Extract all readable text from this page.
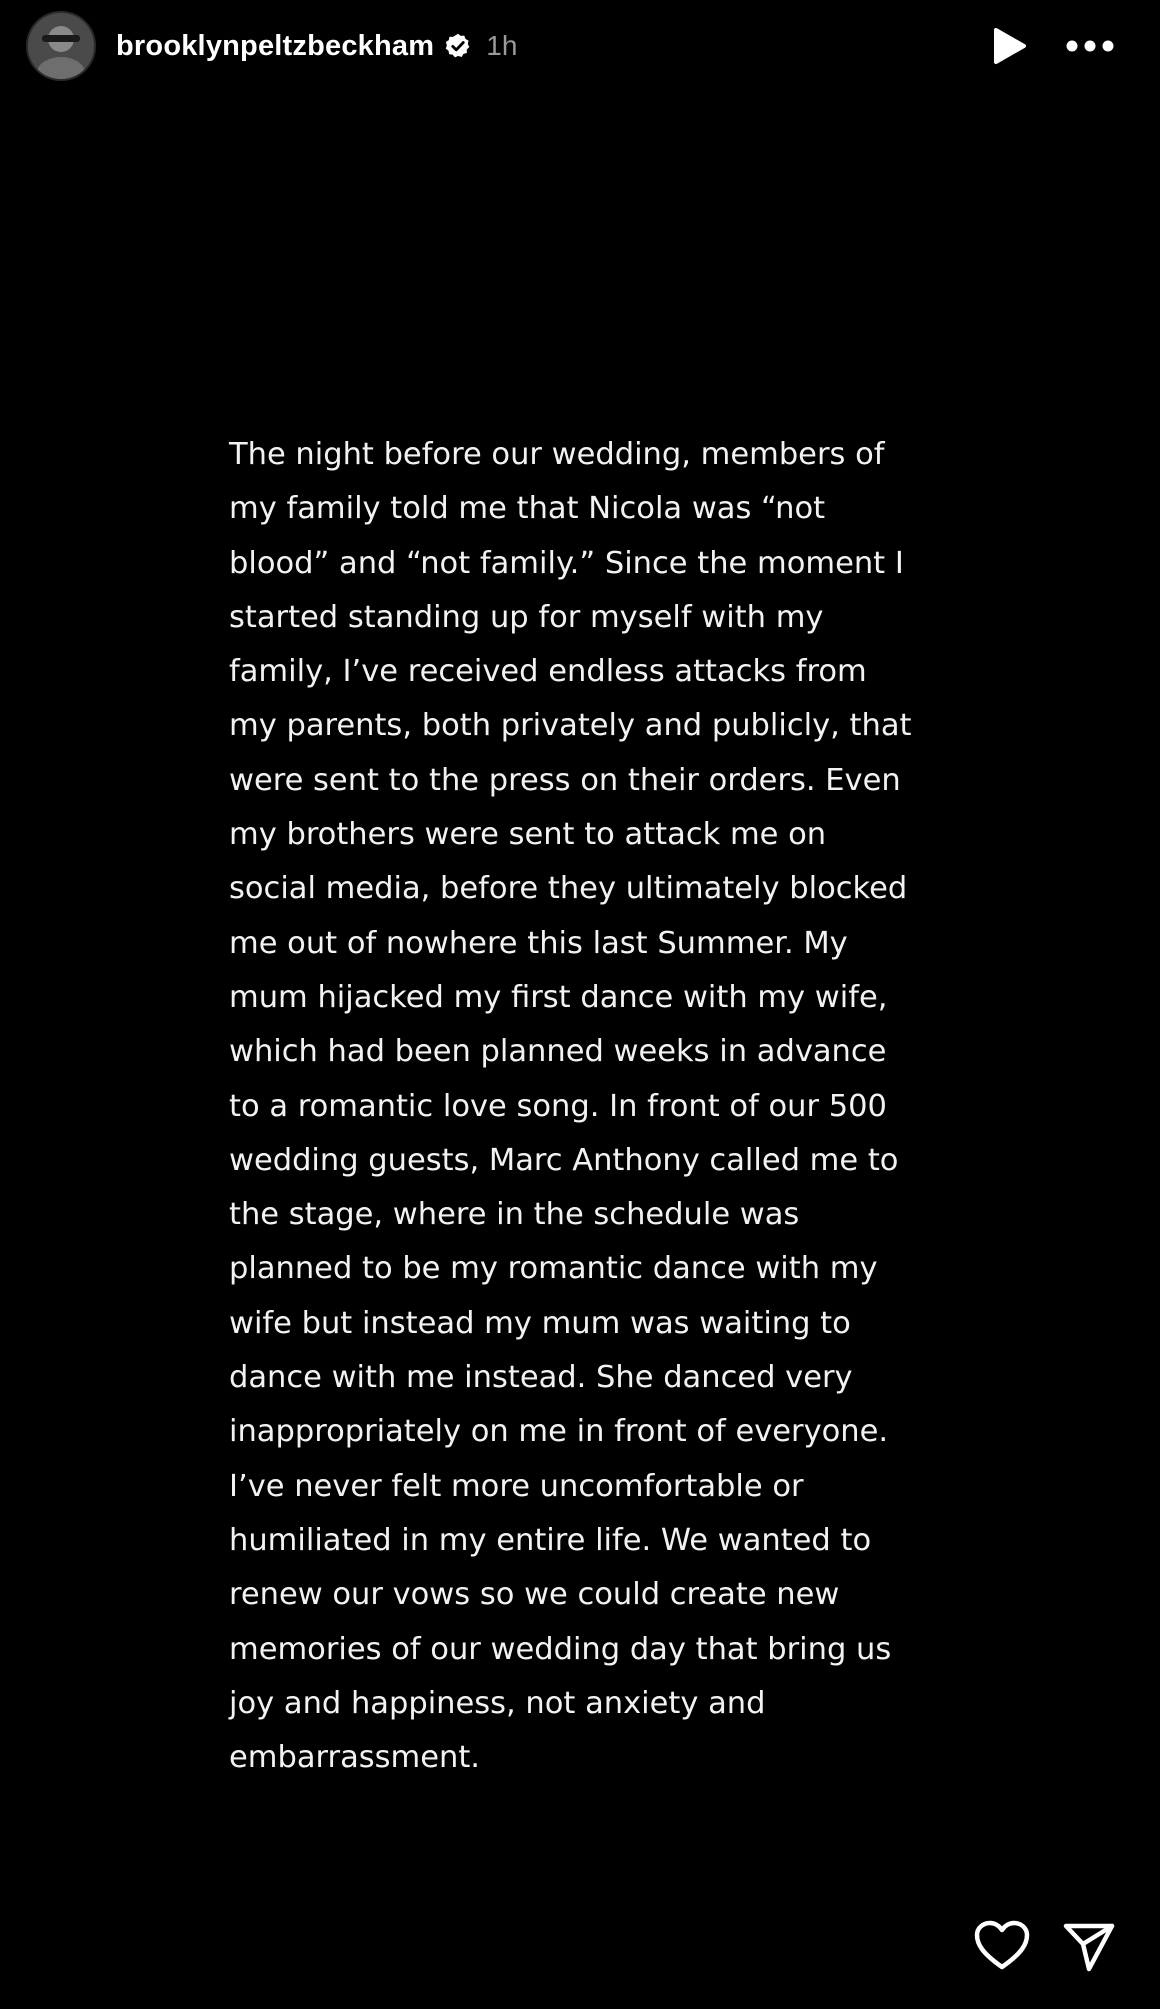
brooklynpeltzbeckham 1h

The night before our wedding, members of
my family told me that Nicola was “not
blood” and “not family.” Since the moment I
started standing up for myself with my
family, I’ve received endless attacks from
my parents, both privately and publicly, that
were sent to the press on their orders. Even
my brothers were sent to attack me on
social media, before they ultimately blocked
me out of nowhere this last Summer. My
mum hijacked my first dance with my wife,
which had been planned weeks in advance
to a romantic love song. In front of our 500
wedding guests, Marc Anthony called me to
the stage, where in the schedule was
planned to be my romantic dance with my
wife but instead my mum was waiting to
dance with me instead. She danced very
inappropriately on me in front of everyone.
I’ve never felt more uncomfortable or
humiliated in my entire life. We wanted to
renew our vows so we could create new
memories of our wedding day that bring us
joy and happiness, not anxiety and
embarrassment.
